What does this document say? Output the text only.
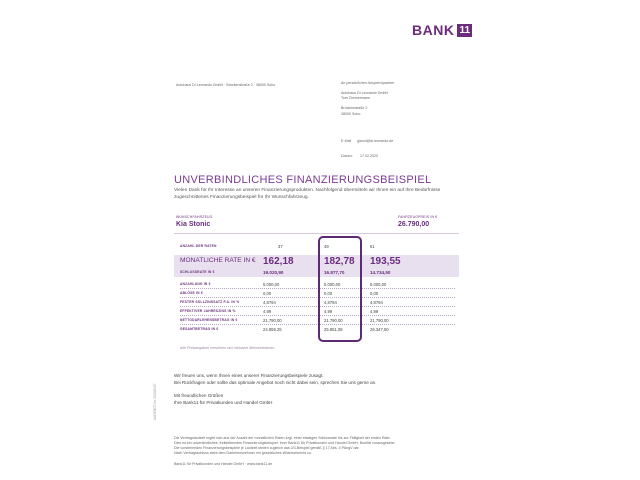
BANK 11
Autohaus Di Leonardo GmbH · Brückenstraße 2 · 38000 Soho	An persönlichen Ansprechpartner
Autohaus Di Leonardo GmbH
Tom Zimmermann
Brückenstraße 2
38000 Soho
E-Mail gianni@di-leonardo.de
Datum: 17.02.2020
UNVERBINDLICHES FINANZIERUNGSBEISPIEL
Vielen Dank für Ihr Interesse an unseren Finanzierungsprodukten. Nachfolgend übermitteln wir Ihnen ein auf Ihre Bedürfnisse zugeschnittenes Finanzierungsbeispiel für Ihr Wunschfahrzeug.
WUNSCHFAHRZEUG
Kia Stonic
FAHRZEUGPREIS IN €
26.790,00
ANZAHL DER RATEN	37	49	61
MONATLICHE RATE IN € 162,18	182,78 193,55
SCHLUSSRATE IN €	19.020,90	16.877,70	14.734,50
ANZAHLUNG IN €	5.000,00	5.000,00	5.000,00
ABLÖSE IN €	0,00	0,00	0,00
FESTER SOLLZINSSATZ P.A. IN %	4,8794	4,8794	4,8794
EFFEKTIVER JAHRESZINS IN %	4,99	4,99	4,99
NETTODARLEHENSBETRAG IN €	21.790,00	21.790,00	21.790,00
GESAMTBETRAG IN €	24.859,25	25.851,08	26.347,50
Alle Preisangaben verstehen sich inklusive Mehrwertsteuer.
Wir freuen uns, wenn Ihnen eines unserer Finanzierungsbeispiele zusagt.
Bei Rückfragen oder sollte das optimale Angebot noch nicht dabei sein, sprechen Sie uns gerne an.
Mit freundlichen Grüßen
Ihre Bank11 für Privatkunden und Handel GmbH
Die Vertragslaufzeit ergibt sich aus der Anzahl der monatlichen Raten zzgl. einer etwaigen Schlussrate bis zur Fälligkeit der ersten Rate.
Dies ist ein unverbindliches, freibleibendes Finanzierungsbeispiel. Ihrer Bank11 für Privatkunden und Handel GmbH, Bonität vorausgesetzt.
Die vorstehenden Finanzierungsbeispiele je Laufzeit stellen zugleich das 2/3-Beispiel gemäß § 17 Abs. 4 PAngV dar.
Nach Vertragsschluss steht dem Darlehensnehmer ein gesetzliches Widerrufsrecht zu.
Bank11 für Privatkunden und Handel GmbH · www.bank11.de
ANGEBOT-Nr. 2020/0157
